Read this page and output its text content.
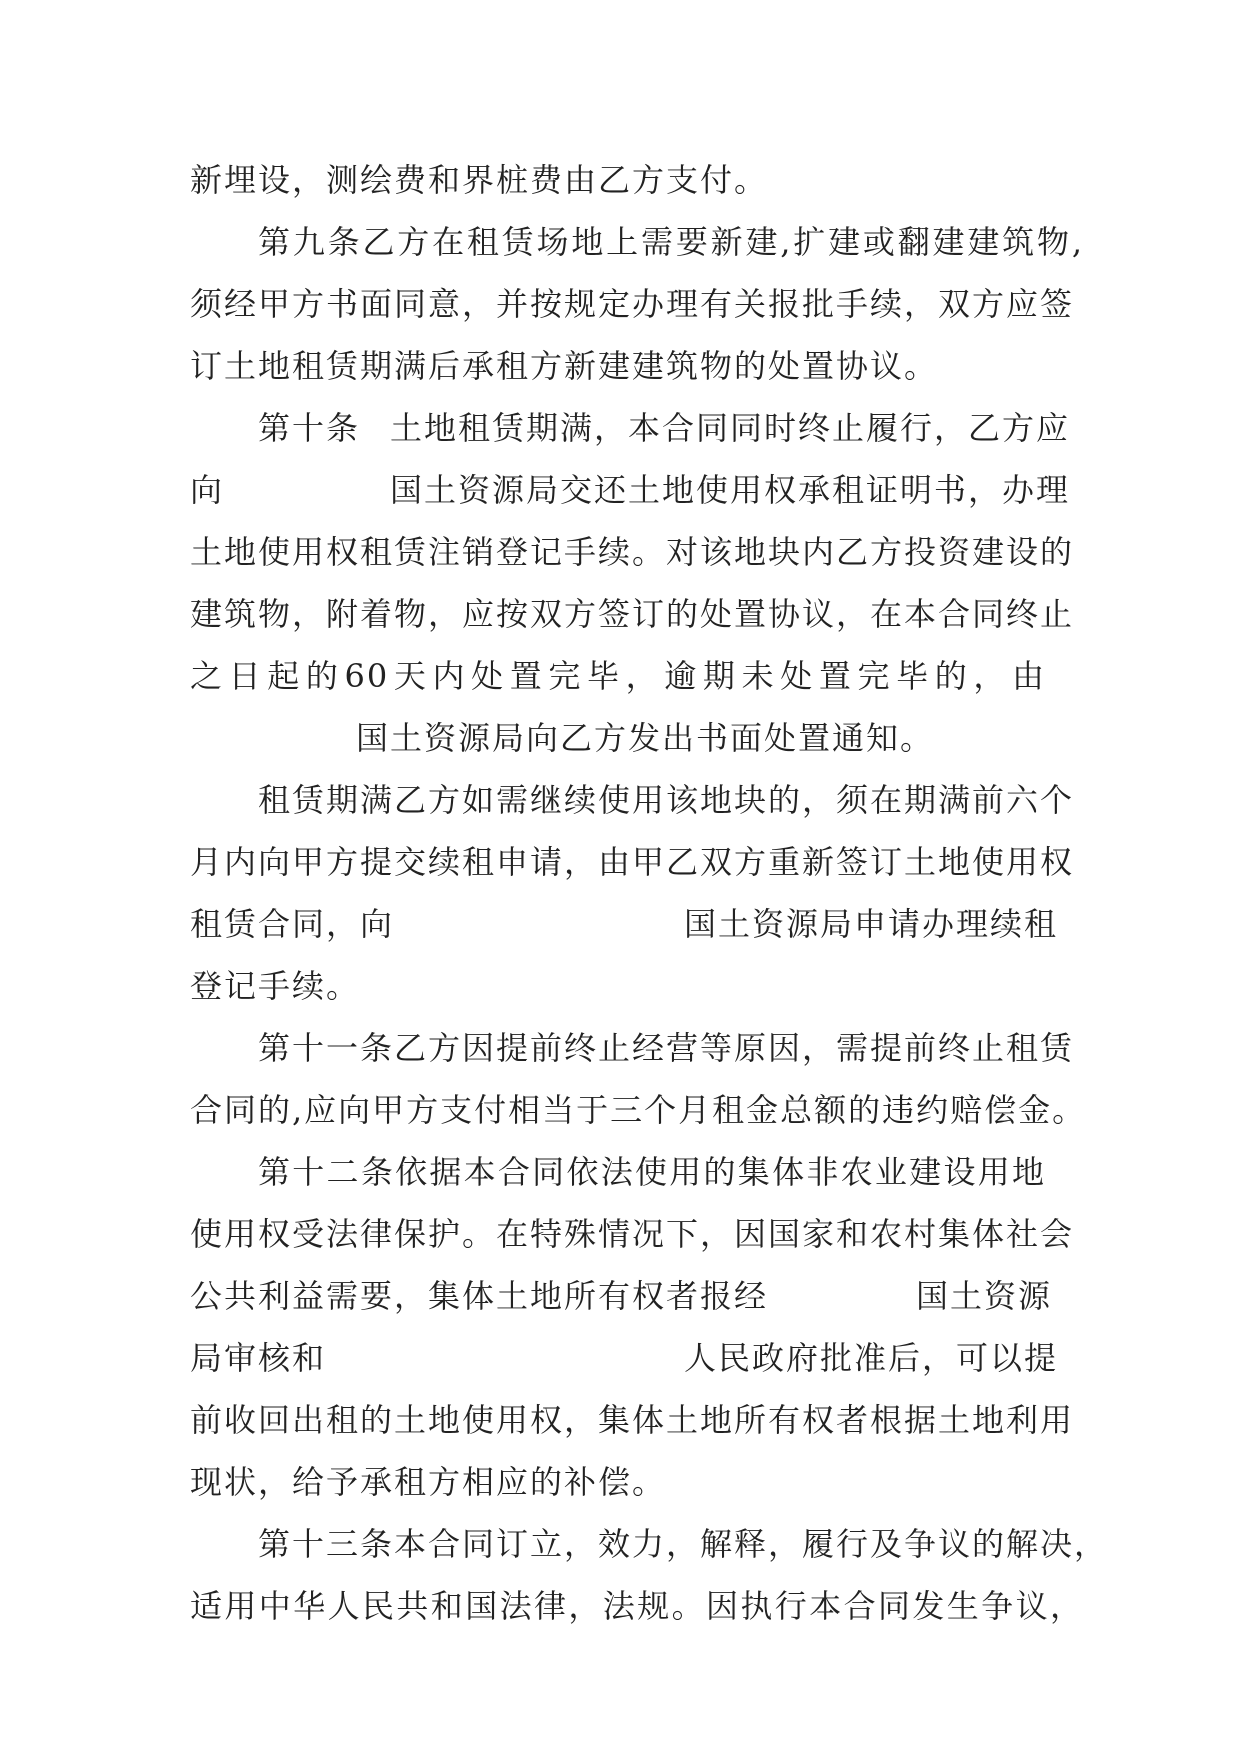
新埋设，测绘费和界桩费由乙方支付。
第九条乙方在租赁场地上需要新建,扩建或翻建建筑物,
须经甲方书面同意，并按规定办理有关报批手续，双方应签
订土地租赁期满后承租方新建建筑物的处置协议。
第十条 土地租赁期满，本合同同时终止履行，乙方应
向	国土资源局交还土地使用权承租证明书，办理
土地使用权租赁注销登记手续。对该地块内乙方投资建设的
建筑物，附着物，应按双方签订的处置协议，在本合同终止
之日起的60天内处置完毕，逾期未处置完毕的，由
国土资源局向乙方发出书面处置通知。
租赁期满乙方如需继续使用该地块的，须在期满前六个
月内向甲方提交续租申请，由甲乙双方重新签订土地使用权
租赁合同，向	国土资源局申请办理续租
登记手续。
第十一条乙方因提前终止经营等原因，需提前终止租赁
合同的,应向甲方支付相当于三个月租金总额的违约赔偿金。
第十二条依据本合同依法使用的集体非农业建设用地
使用权受法律保护。在特殊情况下，因国家和农村集体社会
公共利益需要，集体土地所有权者报经	国土资源
局审核和	人民政府批准后，可以提
前收回出租的土地使用权，集体土地所有权者根据土地利用
现状，给予承租方相应的补偿。
第十三条本合同订立，效力，解释，履行及争议的解决，
适用中华人民共和国法律，法规。因执行本合同发生争议，
